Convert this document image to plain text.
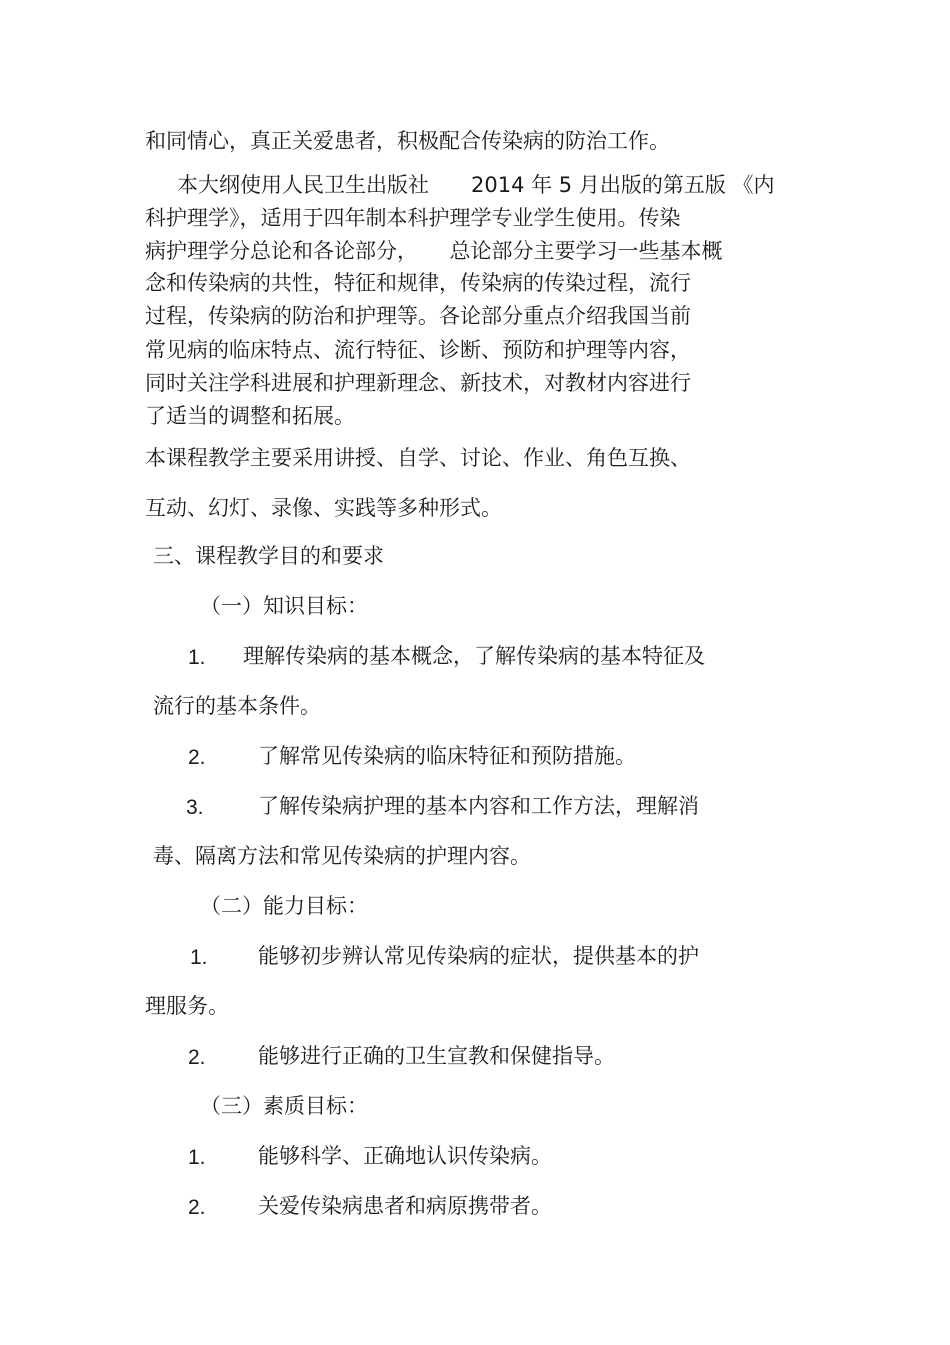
和同情心，真正关爱患者，积极配合传染病的防治工作。
本大纲使用人民卫生出版社　　2014 年 5 月出版的第五版 《内
科护理学》，适用于四年制本科护理学专业学生使用。传染
病护理学分总论和各论部分，　　总论部分主要学习一些基本概
念和传染病的共性，特征和规律，传染病的传染过程，流行
过程，传染病的防治和护理等。各论部分重点介绍我国当前
常见病的临床特点、流行特征、诊断、预防和护理等内容，
同时关注学科进展和护理新理念、新技术，对教材内容进行
了适当的调整和拓展。
本课程教学主要采用讲授、自学、讨论、作业、角色互换、
互动、幻灯、录像、实践等多种形式。
三、课程教学目的和要求
（一）知识目标：
1. 理解传染病的基本概念，了解传染病的基本特征及
流行的基本条件。
2. 了解常见传染病的临床特征和预防措施。
3.	了解传染病护理的基本内容和工作方法，理解消
毒、隔离方法和常见传染病的护理内容。
（二）能力目标：
1. 能够初步辨认常见传染病的症状，提供基本的护
理服务。
2. 能够进行正确的卫生宣教和保健指导。
（三）素质目标：
1. 能够科学、正确地认识传染病。
2. 关爱传染病患者和病原携带者。
